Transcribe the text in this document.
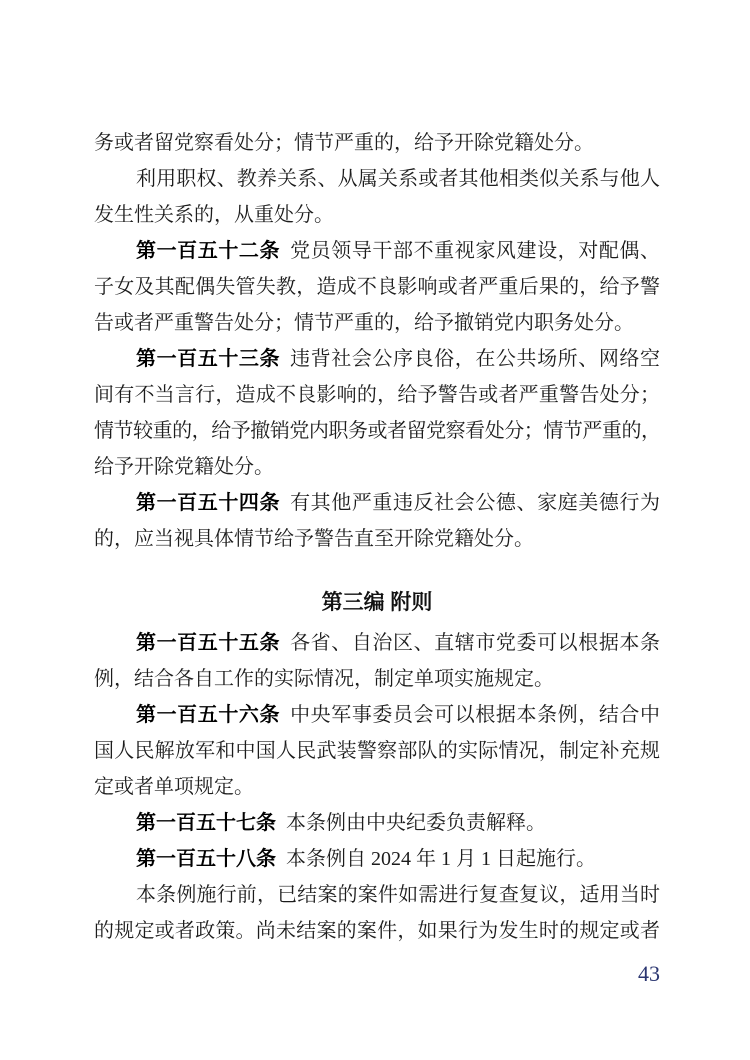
务或者留党察看处分；情节严重的，给予开除党籍处分。
利用职权、教养关系、从属关系或者其他相类似关系与他人
发生性关系的，从重处分。
第一百五十二条 党员领导干部不重视家风建设，对配偶、
子女及其配偶失管失教，造成不良影响或者严重后果的，给予警
告或者严重警告处分；情节严重的，给予撤销党内职务处分。
第一百五十三条 违背社会公序良俗，在公共场所、网络空
间有不当言行，造成不良影响的，给予警告或者严重警告处分；
情节较重的，给予撤销党内职务或者留党察看处分；情节严重的，
给予开除党籍处分。
第一百五十四条 有其他严重违反社会公德、家庭美德行为
的，应当视具体情节给予警告直至开除党籍处分。
第三编 附则
第一百五十五条 各省、自治区、直辖市党委可以根据本条
例，结合各自工作的实际情况，制定单项实施规定。
第一百五十六条 中央军事委员会可以根据本条例，结合中
国人民解放军和中国人民武装警察部队的实际情况，制定补充规
定或者单项规定。
第一百五十七条 本条例由中央纪委负责解释。
第一百五十八条 本条例自 2024 年 1 月 1 日起施行。
本条例施行前，已结案的案件如需进行复查复议，适用当时
的规定或者政策。尚未结案的案件，如果行为发生时的规定或者
43
